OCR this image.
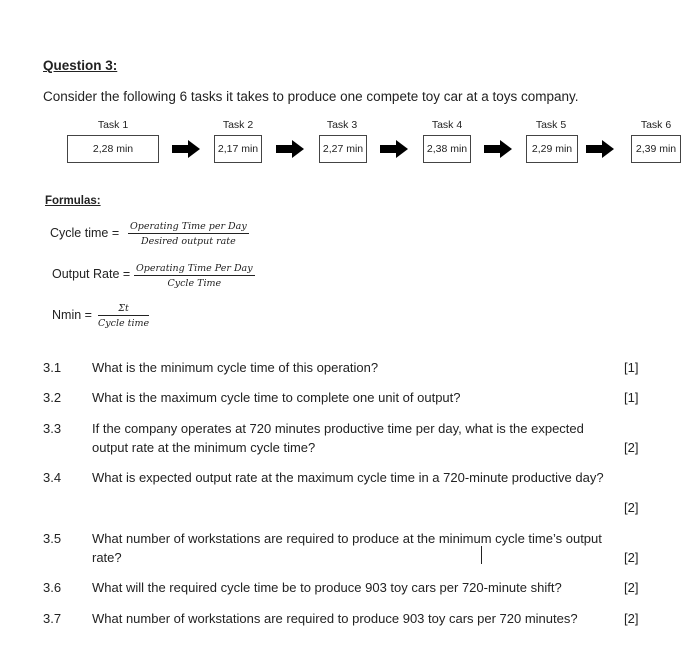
Question 3:
Consider the following 6 tasks it takes to produce one compete toy car at a toys company.
Task 1
2,28 min
Task 2
2,17 min
Task 3
2,27 min
Task 4
2,38 min
Task 5
2,29 min
Task 6
2,39 min
Formulas:
Cycle time = Operating Time per Day
Desired output rate
Output Rate = Operating Time Per Day
Cycle Time
Nmin =	Σt
Cycle time
3.1 What is the minimum cycle time of this operation?	[1]
3.2 What is the maximum cycle time to complete one unit of output?	[1]
3.3 If the company operates at 720 minutes productive time per day, what is the expected
output rate at the minimum cycle time?	[2]
3.4 What is expected output rate at the maximum cycle time in a 720-minute productive day?
[2]
3.5 What number of workstations are required to produce at the minimum cycle time’s output
rate?	[2]
3.6 What will the required cycle time be to produce 903 toy cars per 720-minute shift?	[2]
3.7 What number of workstations are required to produce 903 toy cars per 720 minutes?	[2]
